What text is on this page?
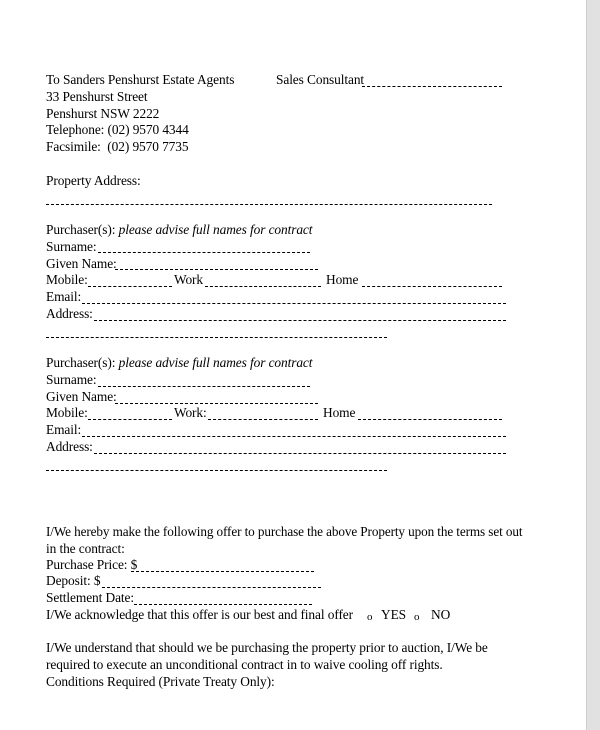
To Sanders Penshurst Estate Agents	Sales Consultant
33 Penshurst Street
Penshurst NSW 2222
Telephone: (02) 9570 4344
Facsimile:  (02) 9570 7735
Property Address:
Purchaser(s): please advise full names for contract
Surname:
Given Name:
Mobile:	Work	Home
Email:
Address:
Purchaser(s): please advise full names for contract
Surname:
Given Name:
Mobile:	Work:	Home
Email:
Address:
I/We hereby make the following offer to purchase the above Property upon the terms set out
in the contract:
Purchase Price: $
Deposit: $
Settlement Date:
I/We acknowledge that this offer is our best and final offer o YES o NO
I/We understand that should we be purchasing the property prior to auction, I/We be
required to execute an unconditional contract in to waive cooling off rights.
Conditions Required (Private Treaty Only):
